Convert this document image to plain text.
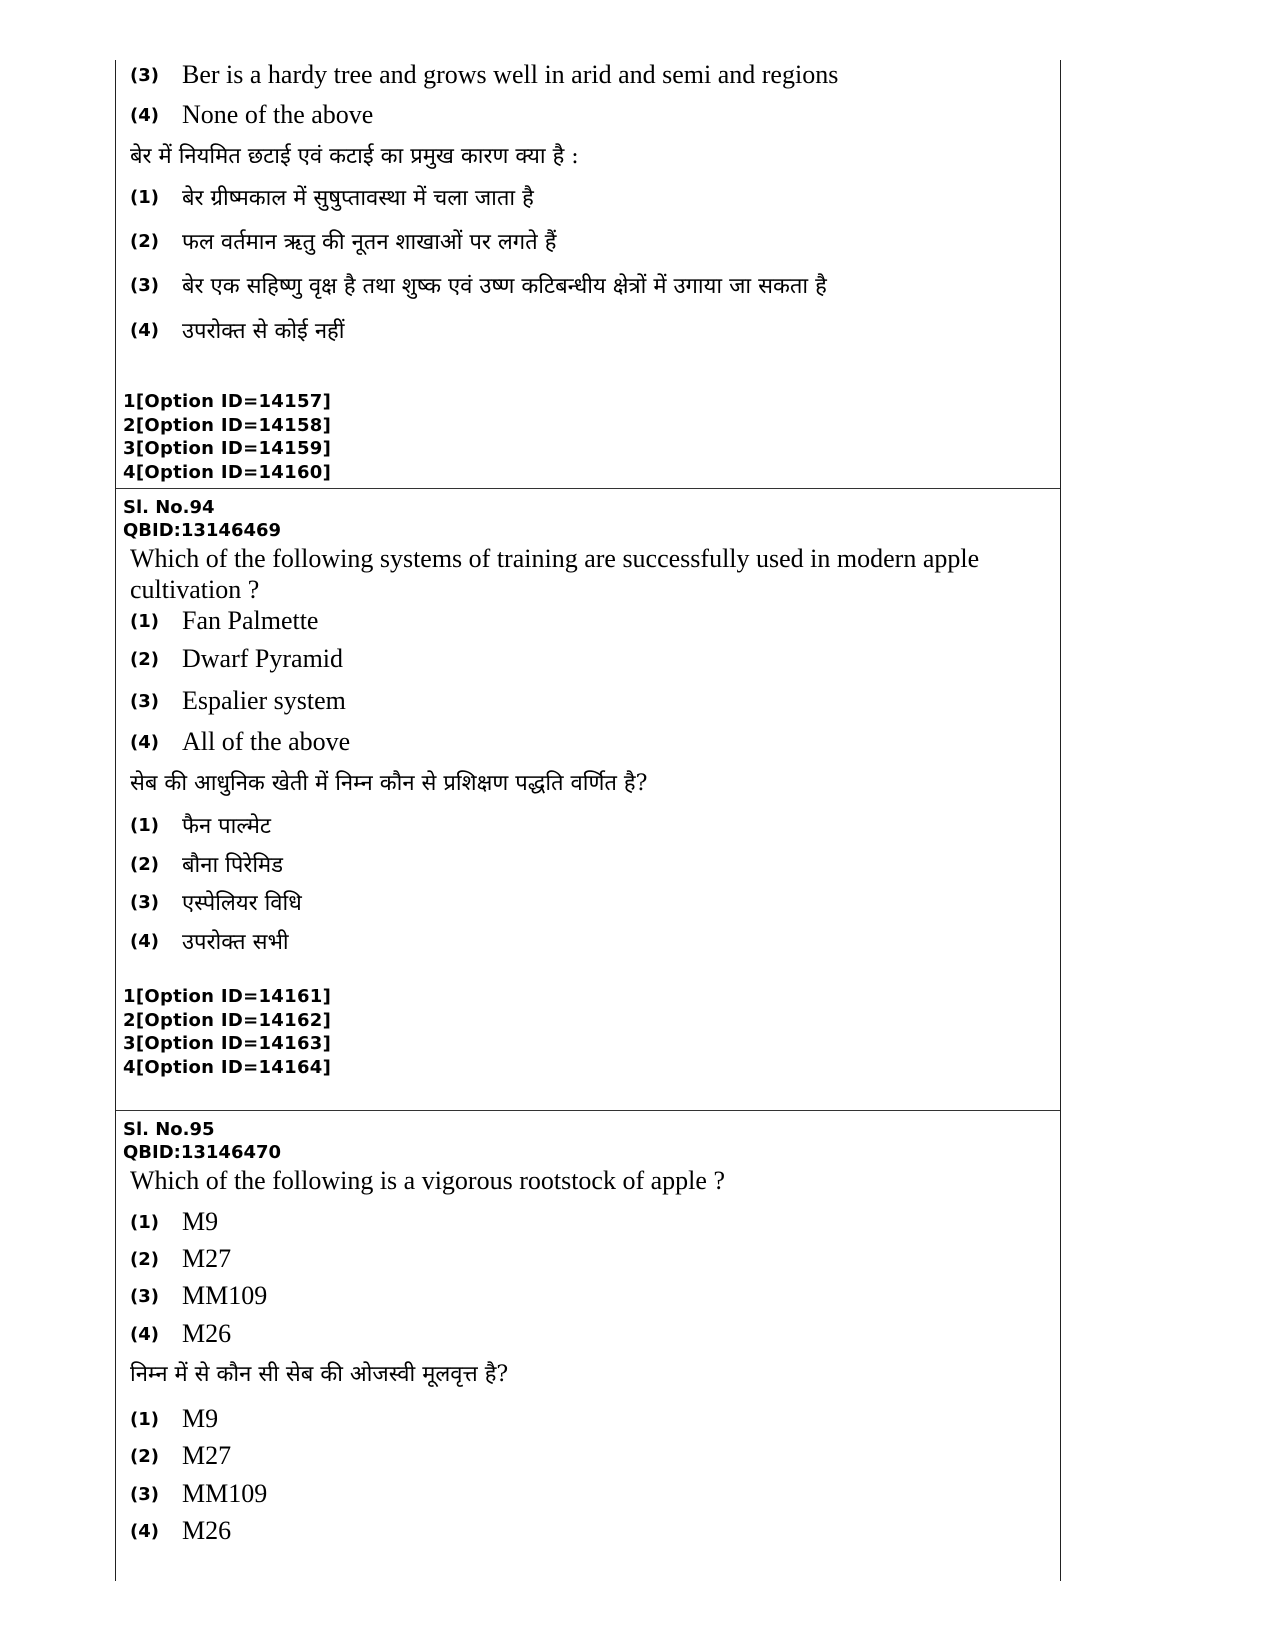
(3) Ber is a hardy tree and grows well in arid and semi and regions
(4) None of the above
बेर में नियमित छटाई एवं कटाई का प्रमुख कारण क्या है :
(1)	बेर ग्रीष्मकाल में सुषुप्तावस्था में चला जाता है
(2)	फल वर्तमान ऋतु की नूतन शाखाओं पर लगते हैं
(3)	बेर एक सहिष्णु वृक्ष है तथा शुष्क एवं उष्ण कटिबन्धीय क्षेत्रों में उगाया जा सकता है
(4)	उपरोक्त से कोई नहीं
1[Option ID=14157]
2[Option ID=14158]
3[Option ID=14159]
4[Option ID=14160]
Sl. No.94
QBID:13146469
Which of the following systems of training are successfully used in modern apple cultivation ?
(1) Fan Palmette
(2) Dwarf Pyramid
(3) Espalier system
(4) All of the above
सेब की आधुनिक खेती में निम्न कौन से प्रशिक्षण पद्धति वर्णित है?
(1)	फैन पाल्मेट
(2)	बौना पिरेमिड
(3)	एस्पेलियर विधि
(4)	उपरोक्त सभी
1[Option ID=14161]
2[Option ID=14162]
3[Option ID=14163]
4[Option ID=14164]
Sl. No.95
QBID:13146470
Which of the following is a vigorous rootstock of apple ?
(1) M9
(2) M27
(3) MM109
(4) M26
निम्न में से कौन सी सेब की ओजस्वी मूलवृत्त है?
(1) M9
(2) M27
(3) MM109
(4) M26
